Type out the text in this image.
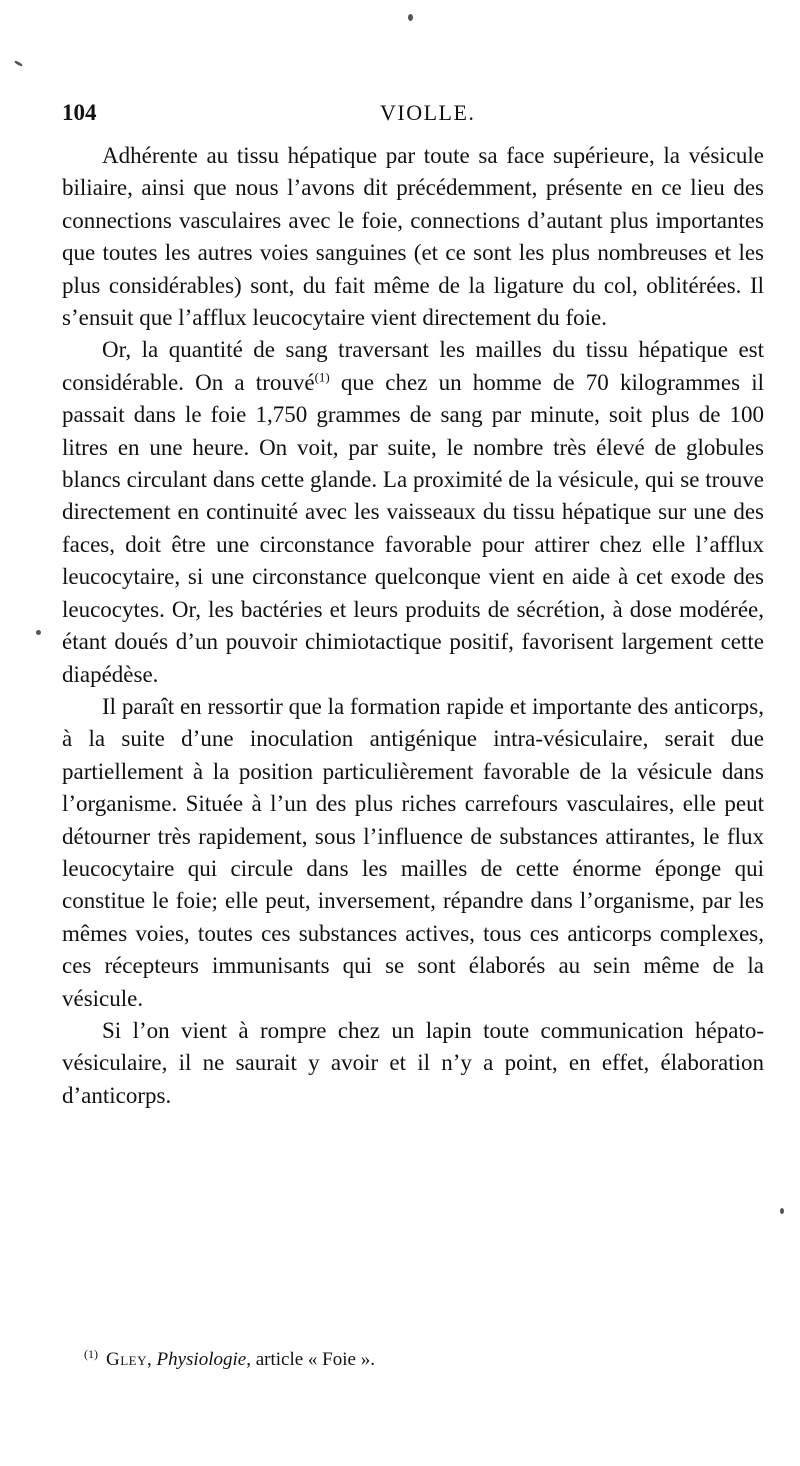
104	VIOLLE.

Adhérente au tissu hépatique par toute sa face supérieure, la vésicule biliaire, ainsi que nous l’avons dit précédemment, présente en ce lieu des connections vasculaires avec le foie, connections d’autant plus importantes que toutes les autres voies sanguines (et ce sont les plus nombreuses et les plus considérables) sont, du fait même de la ligature du col, oblitérées. Il s’ensuit que l’afflux leucocytaire vient directement du foie.

Or, la quantité de sang traversant les mailles du tissu hépatique est considérable. On a trouvé$^{(1)}$ que chez un homme de 70 kilogrammes il passait dans le foie 1,750 grammes de sang par minute, soit plus de 100 litres en une heure. On voit, par suite, le nombre très élevé de globules blancs circulant dans cette glande. La proximité de la vésicule, qui se trouve directement en continuité avec les vaisseaux du tissu hépatique sur une des faces, doit être une circonstance favorable pour attirer chez elle l’afflux leucocytaire, si une circonstance quelconque vient en aide à cet exode des leucocytes. Or, les bactéries et leurs produits de sécrétion, à dose modérée, étant doués d’un pouvoir chimiotactique positif, favorisent largement cette diapédèse.

Il paraît en ressortir que la formation rapide et importante des anticorps, à la suite d’une inoculation antigénique intra-vésiculaire, serait due partiellement à la position particulièrement favorable de la vésicule dans l’organisme. Située à l’un des plus riches carrefours vasculaires, elle peut détourner très rapidement, sous l’influence de substances attirantes, le flux leucocytaire qui circule dans les mailles de cette énorme éponge qui constitue le foie; elle peut, inversement, répandre dans l’organisme, par les mêmes voies, toutes ces substances actives, tous ces anticorps complexes, ces récepteurs immunisants qui se sont élaborés au sein même de la vésicule.

Si l’on vient à rompre chez un lapin toute communication hépato-vésiculaire, il ne saurait y avoir et il n’y a point, en effet, élaboration d’anticorps.

$^{(1)}$ Gley, Physiologie, article « Foie ».
